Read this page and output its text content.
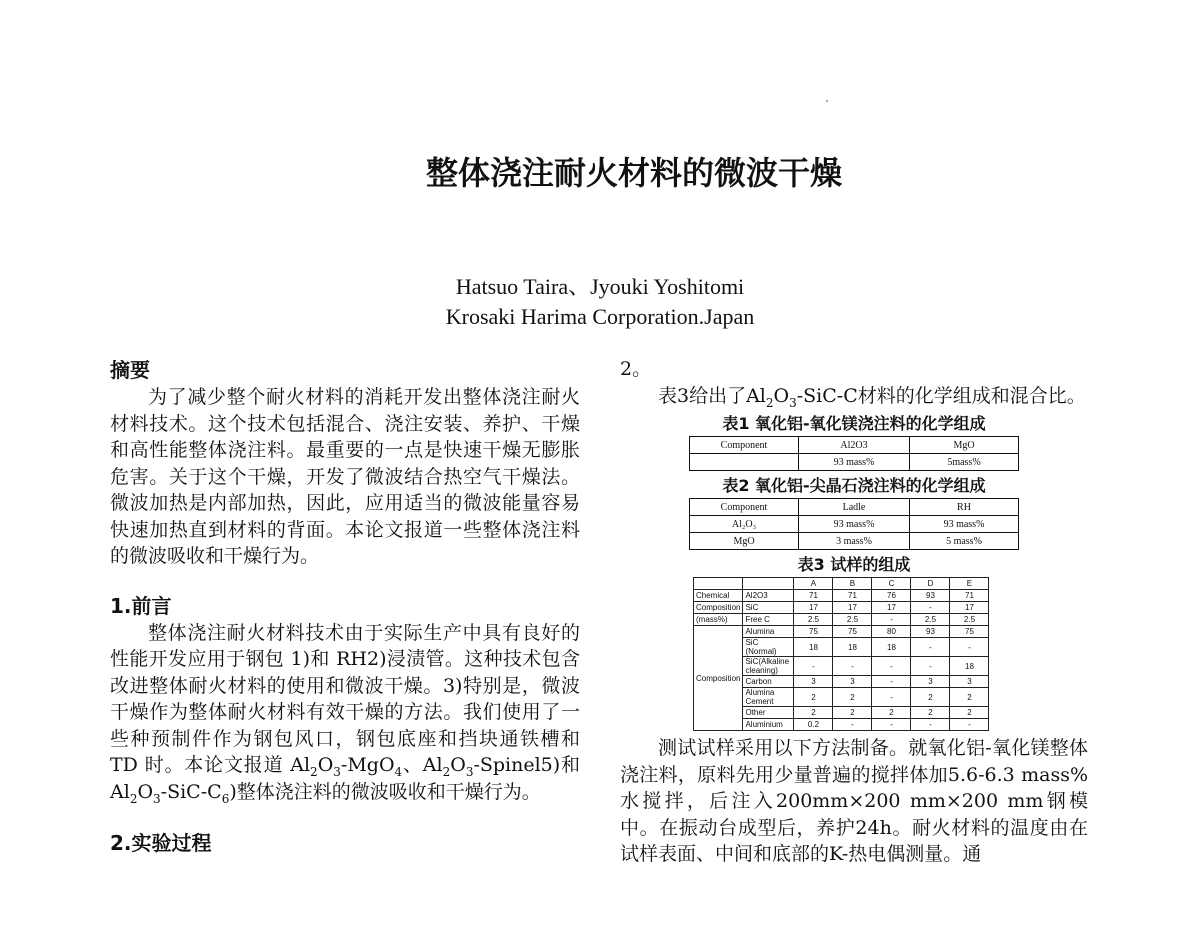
整体浇注耐火材料的微波干燥
Hatsuo Taira、Jyouki Yoshitomi
Krosaki Harima Corporation.Japan
摘要

为了减少整个耐火材料的消耗开发出整体浇注耐火材料技术。这个技术包括混合、浇注安装、养护、干燥和高性能整体浇注料。最重要的一点是快速干燥无膨胀危害。关于这个干燥，开发了微波结合热空气干燥法。微波加热是内部加热，因此，应用适当的微波能量容易快速加热直到材料的背面。本论文报道一些整体浇注料的微波吸收和干燥行为。

1.前言

整体浇注耐火材料技术由于实际生产中具有良好的性能开发应用于钢包 1)和 RH2)浸渍管。这种技术包含改进整体耐火材料的使用和微波干燥。3)特别是，微波干燥作为整体耐火材料有效干燥的方法。我们使用了一些种预制件作为钢包风口，钢包底座和挡块通铁槽和 TD 时。本论文报道 $Al_2O_3-MgO_4$、$Al_2O_3-Spinel5$)和 $Al_2O_3-SiC-C_6$)整体浇注料的微波吸收和干燥行为。

2.实验过程

2。

表3给出了$Al_2O_3-SiC-C$材料的化学组成和混合比。

表1 氧化铝-氧化镁浇注料的化学组成
Component	Al2O3	MgO
	93 mass%	5mass%
表2 氧化铝-尖晶石浇注料的化学组成
Component	Ladle	RH
Al₂O₃	93 mass%	93 mass%
MgO	3 mass%	5 mass%
表3 试样的组成
		A	B	C	D	E
Chemical	Al2O3	71	71	76	93	71
Composition	SiC	17	17	17	-	17
(mass%)	Free C	2.5	2.5	-	2.5	2.5
Composition	Alumina	75	75	80	93	75
	SiC (Normal)	18	18	18	-	-
	SiC(Alkaline cleaning)	-	-	-	-	18
	Carbon	3	3	-	3	3
	Alumina Cement	2	2	-	2	2
	Other	2	2	2	2	2
	Aluminium	0.2	-	-	-	-

测试试样采用以下方法制备。就氧化铝-氧化镁整体浇注料，原料先用少量普遍的搅拌体加5.6-6.3 mass%水搅拌，后注入200mm×200 mm×200 mm钢模中。在振动台成型后，养护24h。耐火材料的温度由在试样表面、中间和底部的K-热电偶测量。通
